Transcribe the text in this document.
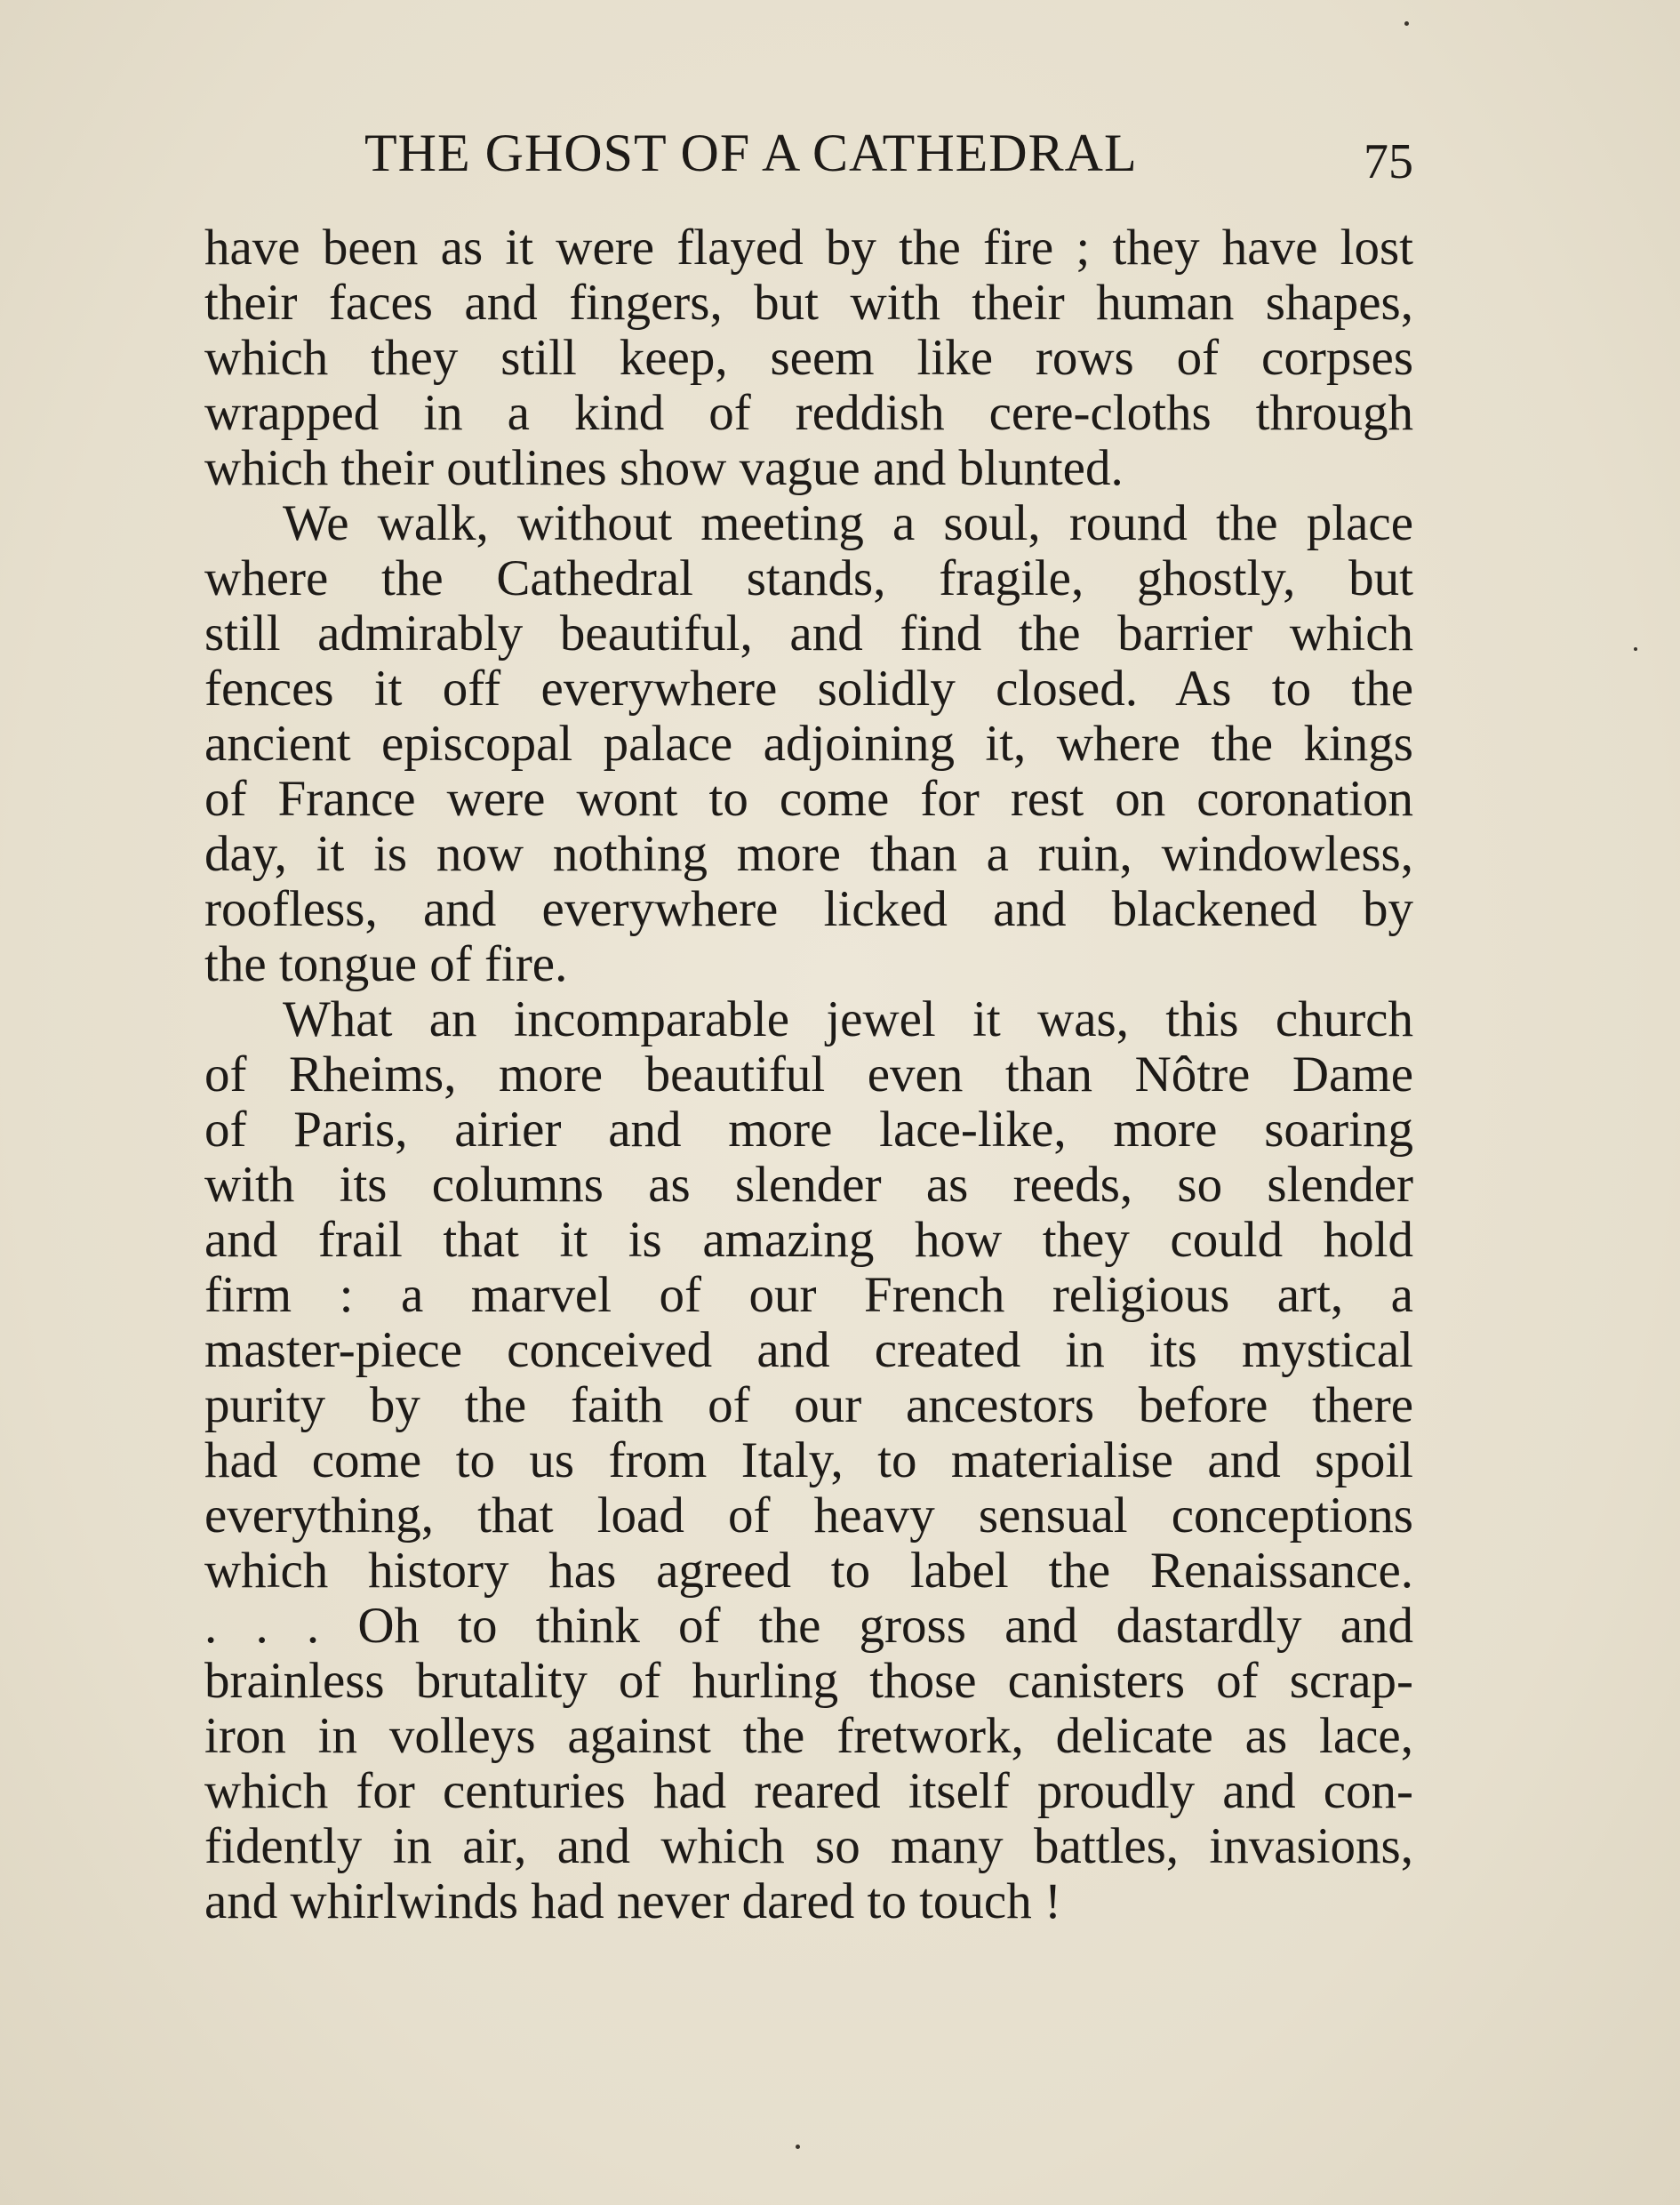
THE GHOST OF A CATHEDRAL	75
have been as it were flayed by the fire ; they have lost
their faces and fingers, but with their human shapes,
which they still keep, seem like rows of corpses
wrapped in a kind of reddish cere-cloths through
which their outlines show vague and blunted.
We walk, without meeting a soul, round the place
where the Cathedral stands, fragile, ghostly, but
still admirably beautiful, and find the barrier which
fences it off everywhere solidly closed. As to the
ancient episcopal palace adjoining it, where the kings
of France were wont to come for rest on coronation
day, it is now nothing more than a ruin, windowless,
roofless, and everywhere licked and blackened by
the tongue of fire.
What an incomparable jewel it was, this church
of Rheims, more beautiful even than Nôtre Dame
of Paris, airier and more lace-like, more soaring
with its columns as slender as reeds, so slender
and frail that it is amazing how they could hold
firm : a marvel of our French religious art, a
master-piece conceived and created in its mystical
purity by the faith of our ancestors before there
had come to us from Italy, to materialise and spoil
everything, that load of heavy sensual conceptions
which history has agreed to label the Renaissance.
. . . Oh to think of the gross and dastardly and
brainless brutality of hurling those canisters of scrap-
iron in volleys against the fretwork, delicate as lace,
which for centuries had reared itself proudly and con-
fidently in air, and which so many battles, invasions,
and whirlwinds had never dared to touch !
